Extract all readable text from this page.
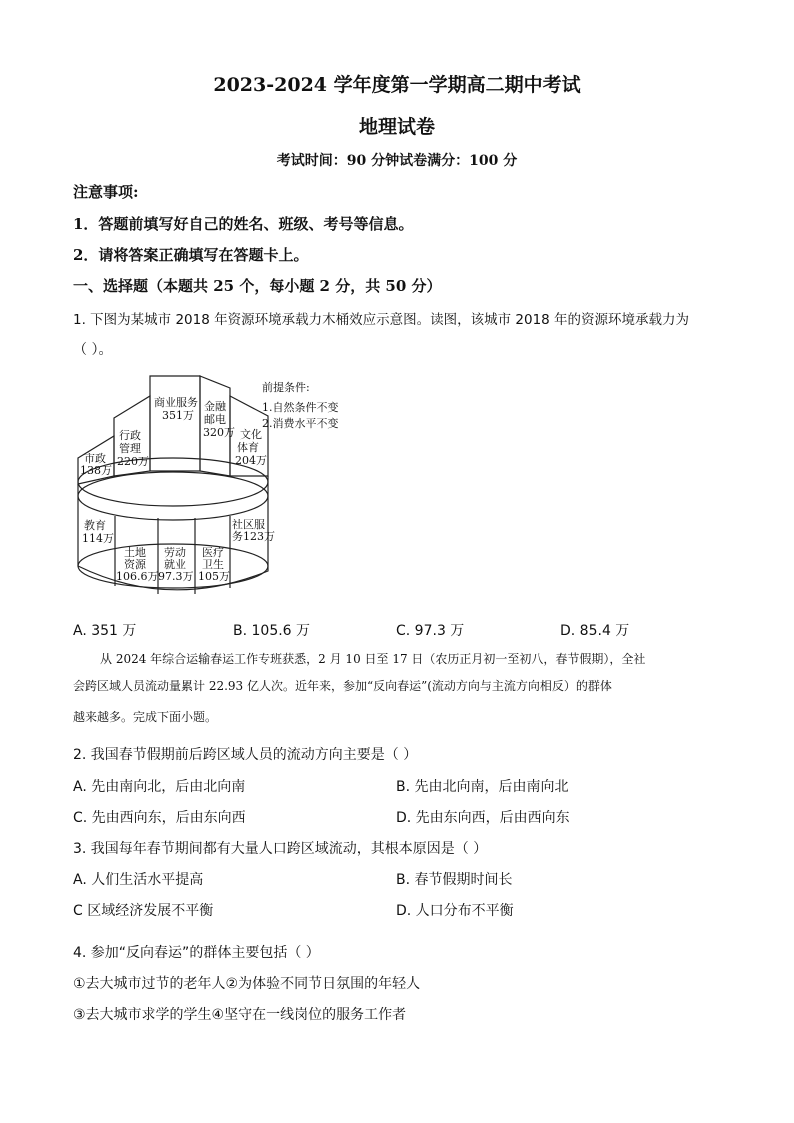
2023-2024 学年度第一学期高二期中考试
地理试卷
考试时间：90 分钟试卷满分：100 分
注意事项:
1．答题前填写好自己的姓名、班级、考号等信息。
2．请将答案正确填写在答题卡上。
一、选择题（本题共 25 个，每小题 2 分，共 50 分）
1. 下图为某城市 2018 年资源环境承载力木桶效应示意图。读图，该城市 2018 年的资源环境承载力为
（ ）。
商业服务
351万
金融
邮电
320万 文化
体育
204万
行政
管理
220万
市政
138万
教育
114万
社区服
务123万
土地
资源
106.6万
劳动
就业
97.3万
医疗
卫生
105万
前提条件:
1.自然条件不变
2.消费水平不变
A. 351 万	B. 105.6 万	C. 97.3 万	D. 85.4 万
从 2024 年综合运输春运工作专班获悉，2 月 10 日至 17 日（农历正月初一至初八，春节假期），全社
会跨区域人员流动量累计 22.93 亿人次。近年来，参加“反向春运”(流动方向与主流方向相反）的群体
越来越多。完成下面小题。
2. 我国春节假期前后跨区域人员的流动方向主要是（ ）
A. 先由南向北，后由北向南	B. 先由北向南，后由南向北
C. 先由西向东，后由东向西	D. 先由东向西，后由西向东
3. 我国每年春节期间都有大量人口跨区域流动，其根本原因是（ ）
A. 人们生活水平提高	B. 春节假期时间长
C 区域经济发展不平衡	D. 人口分布不平衡
4. 参加“反向春运”的群体主要包括（ ）
①去大城市过节的老年人②为体验不同节日氛围的年轻人
③去大城市求学的学生④坚守在一线岗位的服务工作者
